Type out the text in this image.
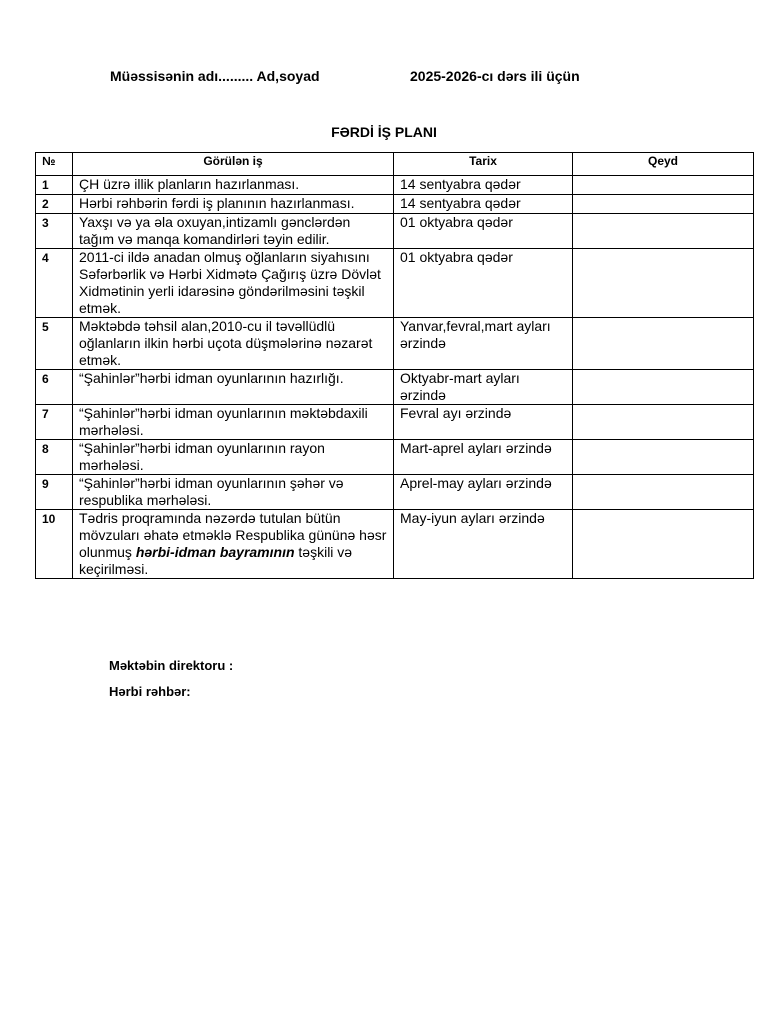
Müəssisənin adı......... Ad,soyad	2025-2026-cı dərs ili üçün
FƏRDİ İŞ PLANI
№	Görülən iş	Tarix	Qeyd
1	ÇH üzrə illik planların hazırlanması.	14 sentyabra qədər	
2	Hərbi rəhbərin fərdi iş planının hazırlanması.	14 sentyabra qədər	
3	Yaxşı və ya əla oxuyan,intizamlı gənclərdən tağım və manqa komandirləri təyin edilir.	01 oktyabra qədər	
4	2011-ci ildə anadan olmuş oğlanların siyahısını Səfərbərlik və Hərbi Xidmətə Çağırış üzrə Dövlət Xidmətinin yerli idarəsinə göndərilməsini təşkil etmək.	01 oktyabra qədər	
5	Məktəbdə təhsil alan,2010-cu il təvəllüdlü oğlanların ilkin hərbi uçota düşmələrinə nəzarət etmək.	Yanvar,fevral,mart ayları ərzində	
6	“Şahinlər”hərbi idman oyunlarının hazırlığı.	Oktyabr-mart ayları ərzində	
7	“Şahinlər”hərbi idman oyunlarının məktəbdaxili mərhələsi.	Fevral ayı ərzində	
8	“Şahinlər”hərbi idman oyunlarının rayon mərhələsi.	Mart-aprel ayları ərzində	
9	“Şahinlər”hərbi idman oyunlarının şəhər və respublika mərhələsi.	Aprel-may ayları ərzində	
10	Tədris proqramında nəzərdə tutulan bütün mövzuları əhatə etməklə Respublika gününə həsr olunmuş hərbi-idman bayramının təşkili və keçirilməsi.	May-iyun ayları ərzində	
Məktəbin direktoru :
Hərbi rəhbər:
